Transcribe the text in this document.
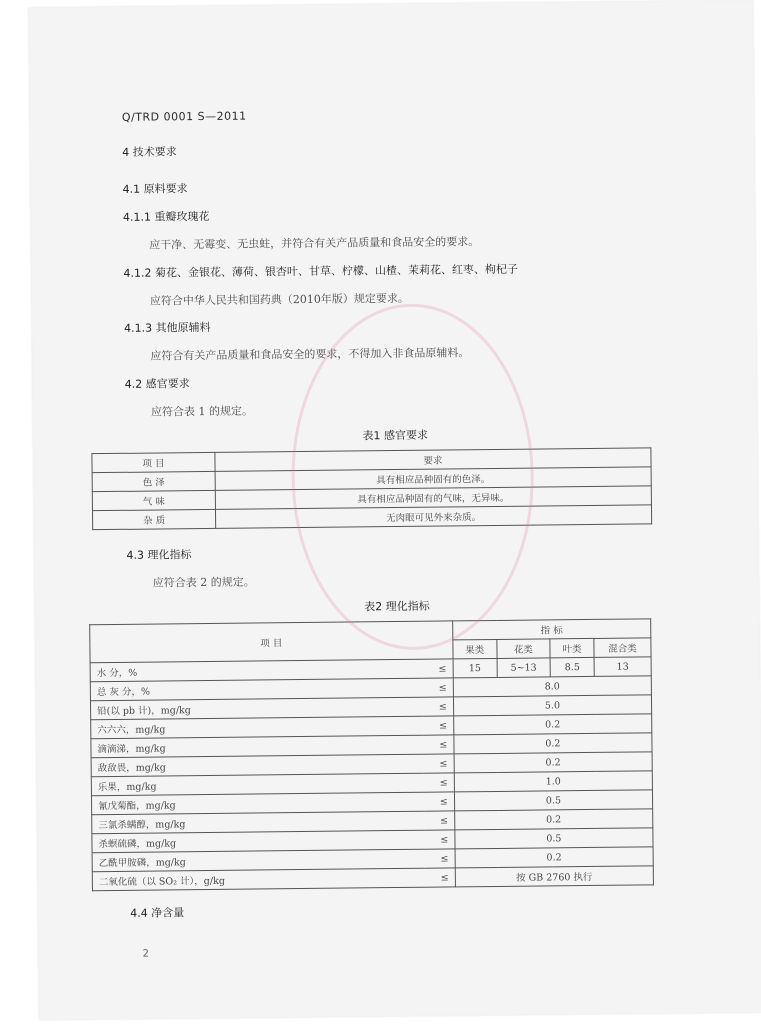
Q/TRD 0001 S—2011
4 技术要求
4.1 原料要求
4.1.1 重瓣玫瑰花
应干净、无霉变、无虫蛀，并符合有关产品质量和食品安全的要求。
4.1.2 菊花、金银花、薄荷、银杏叶、甘草、柠檬、山楂、茉莉花、红枣、枸杞子
应符合中华人民共和国药典（2010年版）规定要求。
4.1.3 其他原辅料
应符合有关产品质量和食品安全的要求，不得加入非食品原辅料。
4.2 感官要求
应符合表 1 的规定。
表1 感官要求
项 目	要求
色 泽	具有相应品种固有的色泽。
气 味	具有相应品种固有的气味，无异味。
杂 质	无肉眼可见外来杂质。
4.3 理化指标
应符合表 2 的规定。
表2 理化指标
项 目		指 标			
		果类	花类	叶类	混合类
水 分，%	≤	15	5~13	8.5	13
总 灰 分，%	≤	8.0			
铅(以 pb 计)，mg/kg	≤	5.0			
六六六，mg/kg	≤	0.2			
滴滴涕，mg/kg	≤	0.2			
敌敌畏，mg/kg	≤	0.2			
乐果，mg/kg	≤	1.0			
氰戊菊酯，mg/kg	≤	0.5			
三氯杀螨醇，mg/kg	≤	0.2			
杀螟硫磷，mg/kg	≤	0.5			
乙酰甲胺磷，mg/kg	≤	0.2			
二氧化硫（以 SO₂ 计），g/kg	≤	按 GB 2760 执行			
4.4 净含量
2
